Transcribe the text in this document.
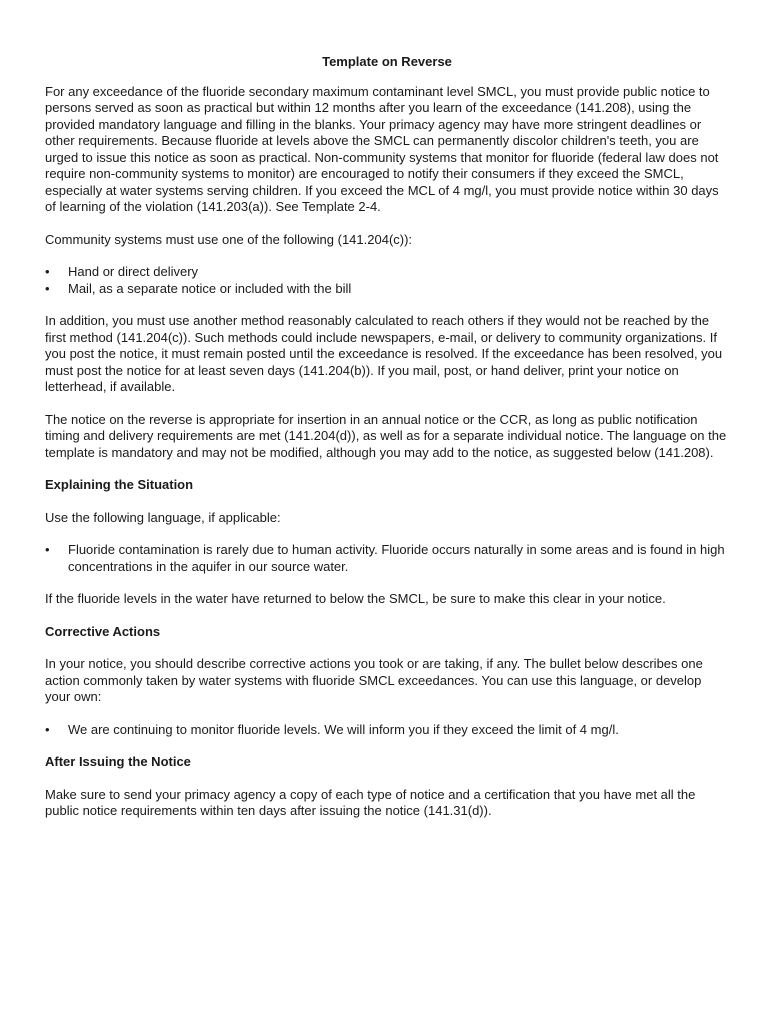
Template on Reverse

For any exceedance of the fluoride secondary maximum contaminant level SMCL, you must provide public notice to persons served as soon as practical but within 12 months after you learn of the exceedance (141.208), using the provided mandatory language and filling in the blanks. Your primacy agency may have more stringent deadlines or other requirements. Because fluoride at levels above the SMCL can permanently discolor children's teeth, you are urged to issue this notice as soon as practical. Non-community systems that monitor for fluoride (federal law does not require non-community systems to monitor) are encouraged to notify their consumers if they exceed the SMCL, especially at water systems serving children. If you exceed the MCL of 4 mg/l, you must provide notice within 30 days of learning of the violation (141.203(a)). See Template 2-4.

Community systems must use one of the following (141.204(c)):

• Hand or direct delivery
• Mail, as a separate notice or included with the bill

In addition, you must use another method reasonably calculated to reach others if they would not be reached by the first method (141.204(c)). Such methods could include newspapers, e-mail, or delivery to community organizations. If you post the notice, it must remain posted until the exceedance is resolved. If the exceedance has been resolved, you must post the notice for at least seven days (141.204(b)). If you mail, post, or hand deliver, print your notice on letterhead, if available.

The notice on the reverse is appropriate for insertion in an annual notice or the CCR, as long as public notification timing and delivery requirements are met (141.204(d)), as well as for a separate individual notice. The language on the template is mandatory and may not be modified, although you may add to the notice, as suggested below (141.208).

Explaining the Situation

Use the following language, if applicable:

• Fluoride contamination is rarely due to human activity. Fluoride occurs naturally in some areas and is found in high concentrations in the aquifer in our source water.

If the fluoride levels in the water have returned to below the SMCL, be sure to make this clear in your notice.

Corrective Actions

In your notice, you should describe corrective actions you took or are taking, if any. The bullet below describes one action commonly taken by water systems with fluoride SMCL exceedances. You can use this language, or develop your own:

• We are continuing to monitor fluoride levels. We will inform you if they exceed the limit of 4 mg/l.
After Issuing the Notice

Make sure to send your primacy agency a copy of each type of notice and a certification that you have met all the public notice requirements within ten days after issuing the notice (141.31(d)).
